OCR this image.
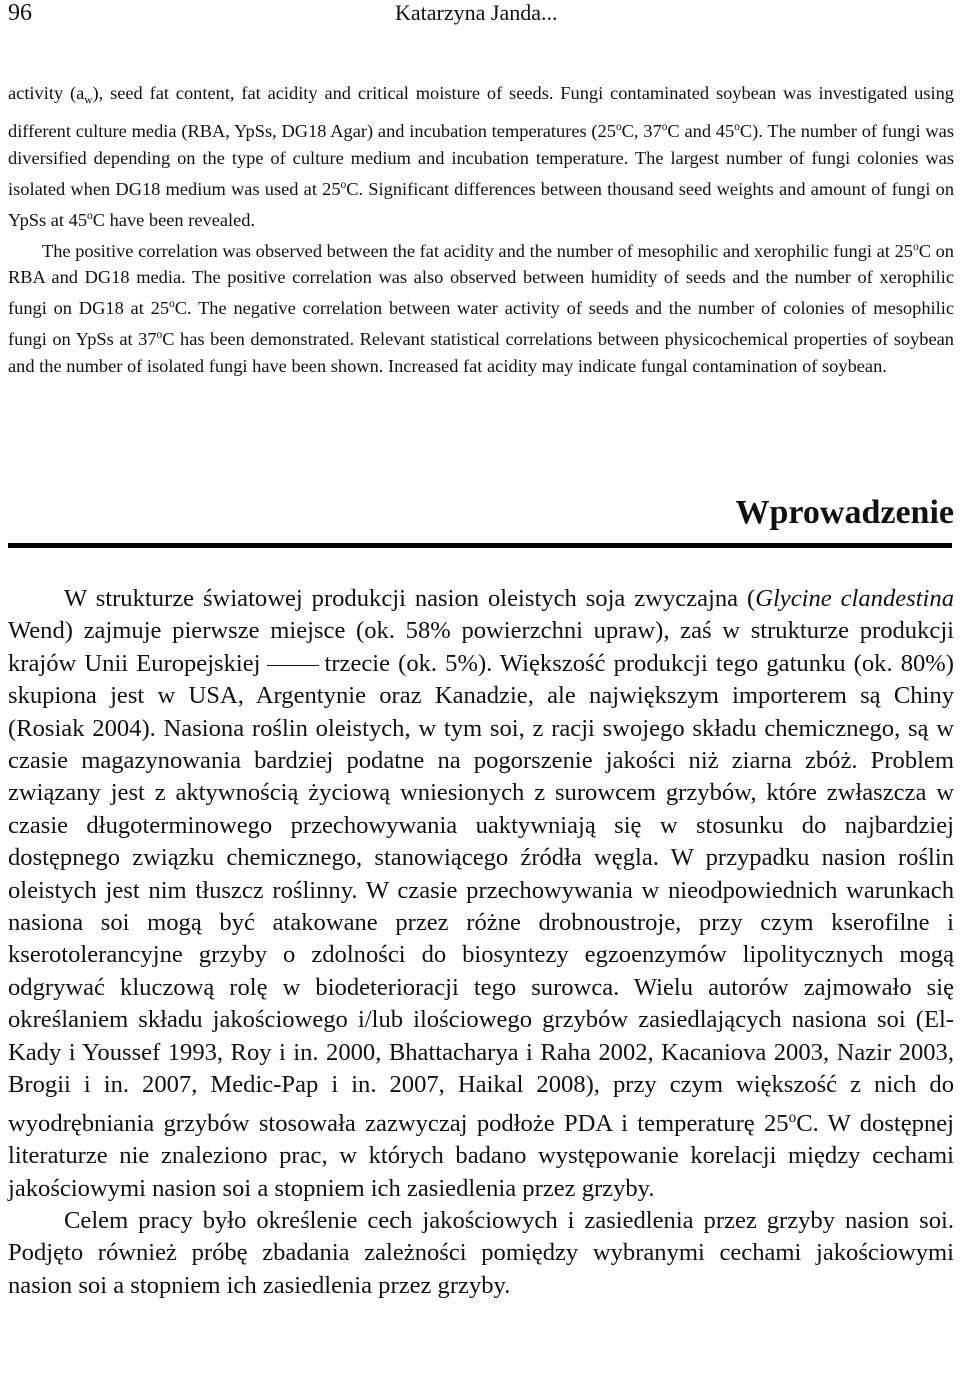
96	Katarzyna Janda...

activity $(a_w)$, seed fat content, fat acidity and critical moisture of seeds. Fungi contaminated soybean was investigated using different culture media (RBA, YpSs, DG18 Agar) and incubation temperatures (25$^o$C, 37$^o$C and 45$^o$C). The number of fungi was diversified depending on the type of culture medium and incubation temperature. The largest number of fungi colonies was isolated when DG18 medium was used at 25$^o$C. Significant differences between thousand seed weights and amount of fungi on YpSs at 45$^o$C have been revealed.

The positive correlation was observed between the fat acidity and the number of mesophilic and xerophilic fungi at 25$^o$C on RBA and DG18 media. The positive correlation was also observed between humidity of seeds and the number of xerophilic fungi on DG18 at 25$^o$C. The negative correlation between water activity of seeds and the number of colonies of mesophilic fungi on YpSs at 37$^o$C has been demonstrated. Relevant statistical correlations between physicochemical properties of soybean and the number of isolated fungi have been shown. Increased fat acidity may indicate fungal contamination of soybean.

Wprowadzenie

W strukturze światowej produkcji nasion oleistych soja zwyczajna (Glycine clandestina Wend) zajmuje pierwsze miejsce (ok. 58% powierzchni upraw), zaś w strukturze produkcji krajów Unii Europejskiej	trzecie (ok. 5%). Większość produkcji tego gatunku (ok. 80%) skupiona jest w USA, Argentynie oraz Kanadzie, ale największym importerem są Chiny (Rosiak 2004). Nasiona roślin oleistych, w tym soi, z racji swojego składu chemicznego, są w czasie magazynowania bardziej podatne na pogorszenie jakości niż ziarna zbóż. Problem związany jest z aktywnością życiową wniesionych z surowcem grzybów, które zwłaszcza w czasie długoterminowego przechowywania uaktywniają się w stosunku do najbardziej dostępnego związku chemicznego, stanowiącego źródła węgla. W przypadku nasion roślin oleistych jest nim tłuszcz roślinny. W czasie przechowywania w nieodpowiednich warunkach nasiona soi mogą być atakowane przez różne drobnoustroje, przy czym kserofilne i kserotolerancyjne grzyby o zdolności do biosyntezy egzoenzymów lipolitycznych mogą odgrywać kluczową rolę w biodeterioracji tego surowca. Wielu autorów zajmowało się określaniem składu jakościowego i/lub ilościowego grzybów zasiedlających nasiona soi (El-Kady i Youssef 1993, Roy i in. 2000, Bhattacharya i Raha 2002, Kacaniova 2003, Nazir 2003, Brogii i in. 2007, Medic-Pap i in. 2007, Haikal 2008), przy czym większość z nich do wyodrębniania grzybów stosowała zazwyczaj podłoże PDA i temperaturę 25$^o$C. W dostępnej literaturze nie znaleziono prac, w których badano występowanie korelacji między cechami jakościowymi nasion soi a stopniem ich zasiedlenia przez grzyby.

Celem pracy było określenie cech jakościowych i zasiedlenia przez grzyby nasion soi. Podjęto również próbę zbadania zależności pomiędzy wybranymi cechami jakościowymi nasion soi a stopniem ich zasiedlenia przez grzyby.
